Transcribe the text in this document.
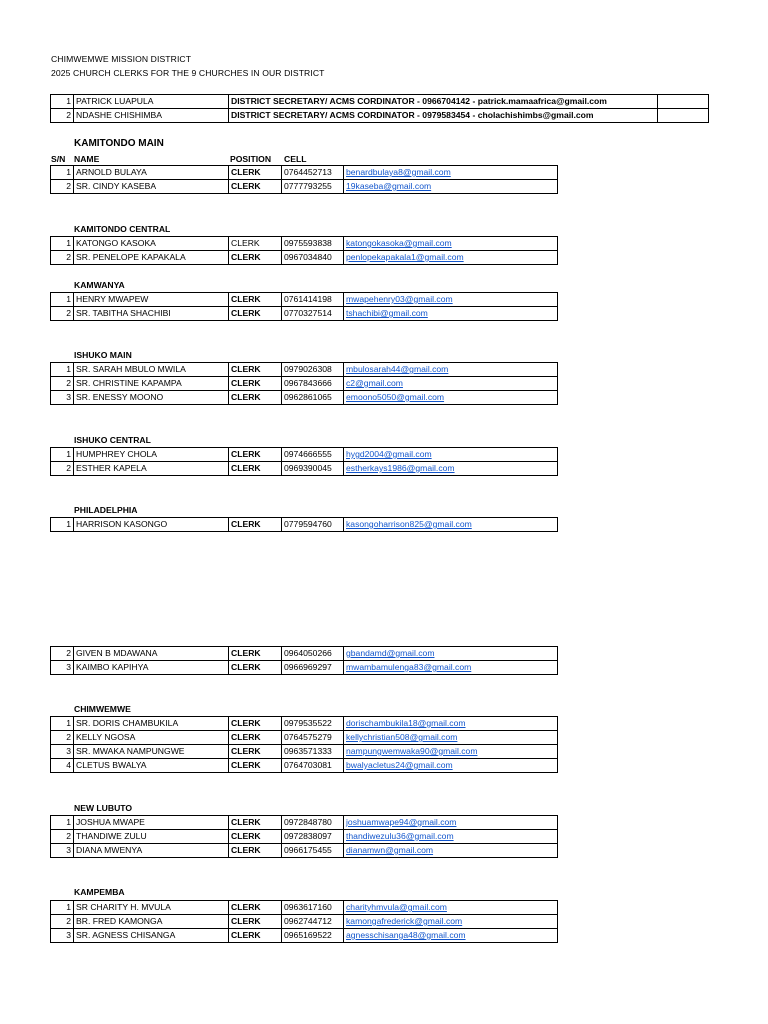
CHIMWEMWE MISSION DISTRICT
2025 CHURCH CLERKS FOR THE 9 CHURCHES IN OUR DISTRICT
1	PATRICK LUAPULA	DISTRICT SECRETARY/ ACMS CORDINATOR - 0966704142 - patrick.mamaafrica@gmail.com	
2	NDASHE CHISHIMBA	DISTRICT SECRETARY/ ACMS CORDINATOR - 0979583454 - cholachishimbs@gmail.com	
KAMITONDO MAIN
S/N NAME	POSITION CELL
1	ARNOLD BULAYA	CLERK	0764452713	benardbulaya8@gmail.com
2	SR. CINDY KASEBA	CLERK	0777793255	19kaseba@gmail.com
KAMITONDO CENTRAL
1	KATONGO KASOKA	CLERK	0975593838	katongokasoka@gmail.com
2	SR. PENELOPE KAPAKALA	CLERK	0967034840	penlopekapakala1@gmail.com
KAMWANYA
1	HENRY MWAPEW	CLERK	0761414198	mwapehenry03@gmail.com
2	SR. TABITHA SHACHIBI	CLERK	0770327514	tshachibi@gmail.com
ISHUKO MAIN
1	SR. SARAH MBULO MWILA	CLERK	0979026308	mbulosarah44@gmail.com
2	SR. CHRISTINE KAPAMPA	CLERK	0967843666	c2@gmail.com
3	SR. ENESSY MOONO	CLERK	0962861065	emoono5050@gmail.com
ISHUKO CENTRAL
1	HUMPHREY CHOLA	CLERK	0974666555	hygd2004@gmail.com
2	ESTHER KAPELA	CLERK	0969390045	estherkays1986@gmail.com
PHILADELPHIA
1	HARRISON KASONGO	CLERK	0779594760	kasongoharrison825@gmail.com
2	GIVEN B MDAWANA	CLERK	0964050266	gbandamd@gmail.com
3	KAIMBO KAPIHYA	CLERK	0966969297	mwambamulenga83@gmail.com
CHIMWEMWE
1	SR. DORIS CHAMBUKILA	CLERK	0979535522	dorischambukila18@gmail.com
2	KELLY NGOSA	CLERK	0764575279	kellychristian508@gmail.com
3	SR. MWAKA NAMPUNGWE	CLERK	0963571333	nampungwemwaka90@gmail.com
4	CLETUS BWALYA	CLERK	0764703081	bwalyacletus24@gmail.com
NEW LUBUTO
1	JOSHUA MWAPE	CLERK	0972848780	joshuamwape94@gmail.com
2	THANDIWE ZULU	CLERK	0972838097	thandiwezulu36@gmail.com
3	DIANA MWENYA	CLERK	0966175455	dianamwn@gmail.com
KAMPEMBA
1	SR CHARITY H. MVULA	CLERK	0963617160	charityhmvula@gmail.com
2	BR. FRED KAMONGA	CLERK	0962744712	kamongafrederick@gmail.com
3	SR. AGNESS CHISANGA	CLERK	0965169522	agnesschisanga48@gmail.com
